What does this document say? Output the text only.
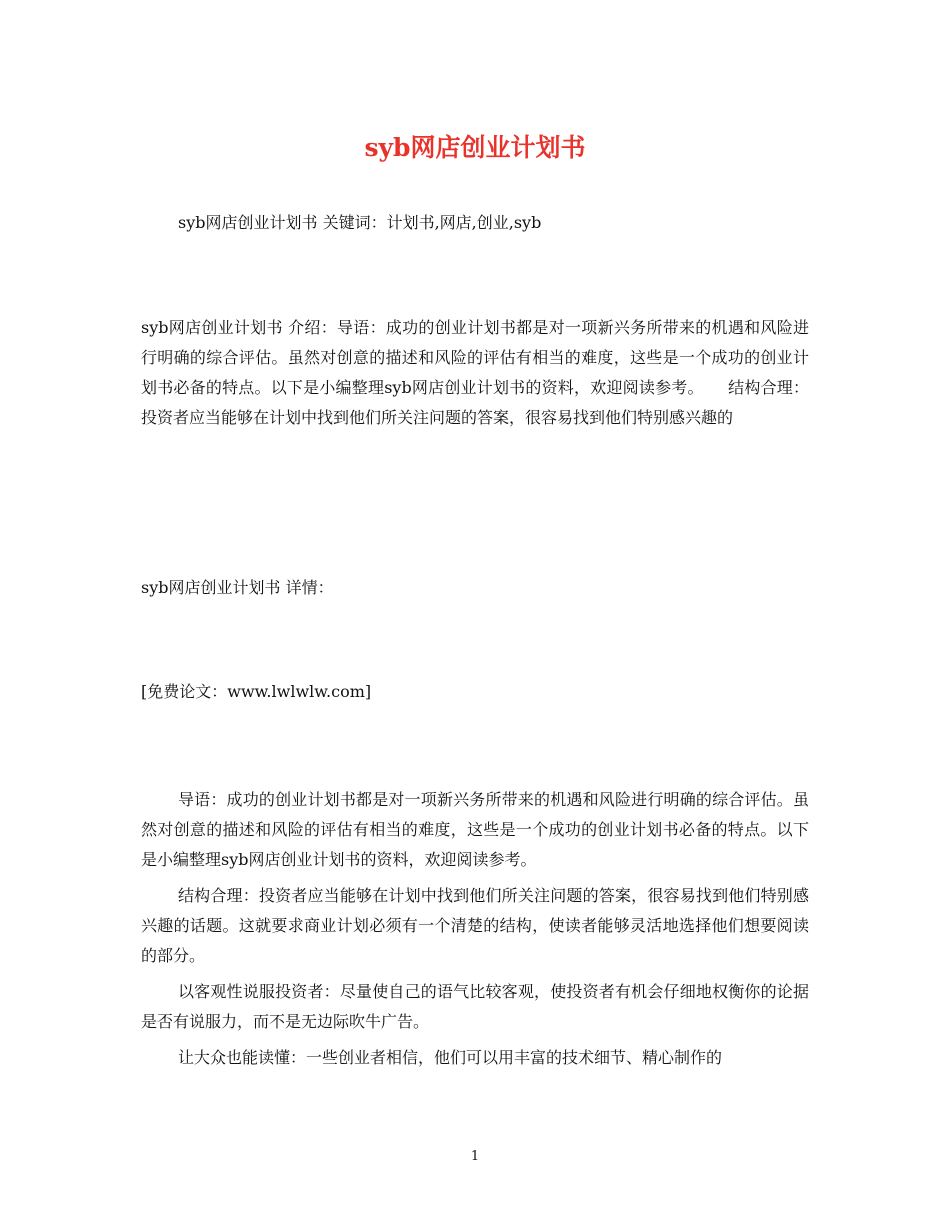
syb网店创业计划书

syb网店创业计划书 关键词：计划书,网店,创业,syb

syb网店创业计划书 介绍：导语：成功的创业计划书都是对一项新兴务所带来的机遇和风险进行明确的综合评估。虽然对创意的描述和风险的评估有相当的难度，这些是一个成功的创业计划书必备的特点。以下是小编整理syb网店创业计划书的资料，欢迎阅读参考。　　结构合理：投资者应当能够在计划中找到他们所关注问题的答案，很容易找到他们特别感兴趣的

syb网店创业计划书 详情：

[免费论文：www.lwlwlw.com]

导语：成功的创业计划书都是对一项新兴务所带来的机遇和风险进行明确的综合评估。虽然对创意的描述和风险的评估有相当的难度，这些是一个成功的创业计划书必备的特点。以下是小编整理syb网店创业计划书的资料，欢迎阅读参考。

结构合理：投资者应当能够在计划中找到他们所关注问题的答案，很容易找到他们特别感兴趣的话题。这就要求商业计划必须有一个清楚的结构，使读者能够灵活地选择他们想要阅读的部分。

以客观性说服投资者：尽量使自己的语气比较客观，使投资者有机会仔细地权衡你的论据是否有说服力，而不是无边际吹牛广告。

让大众也能读懂：一些创业者相信，他们可以用丰富的技术细节、精心制作的

1
